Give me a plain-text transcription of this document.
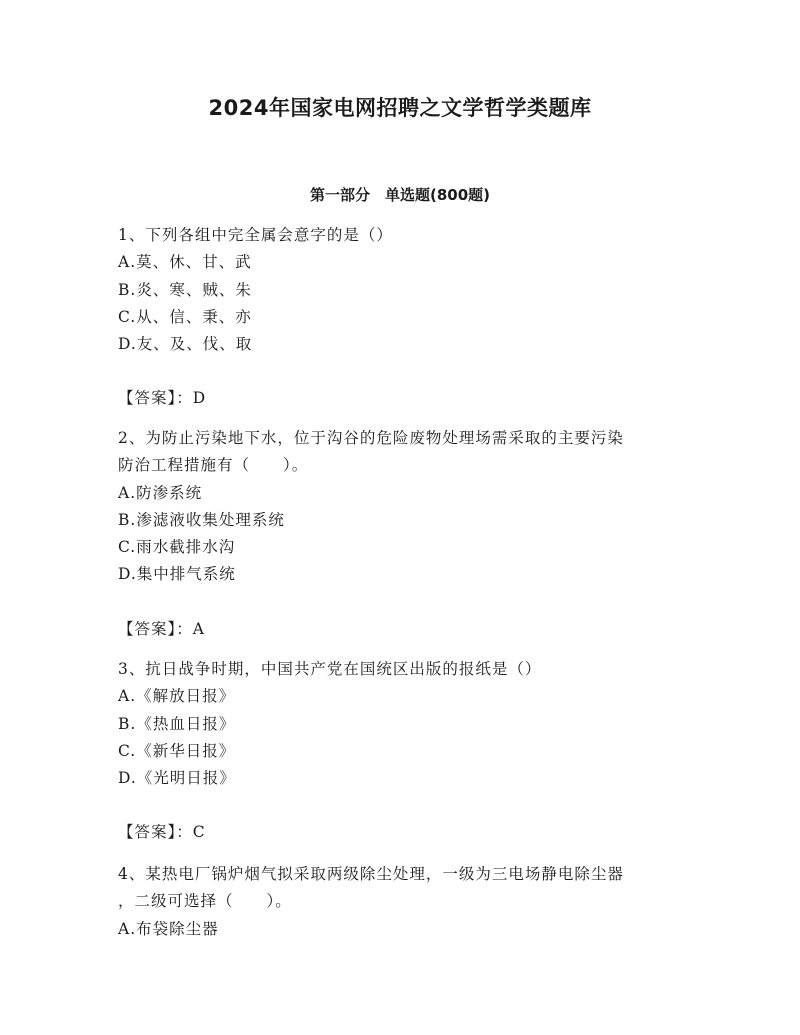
2024年国家电网招聘之文学哲学类题库
第一部分　单选题(800题)
1、下列各组中完全属会意字的是（）
A.莫、休、甘、武
B.炎、寒、贼、朱
C.从、信、秉、亦
D.友、及、伐、取
【答案】：D
2、为防止污染地下水，位于沟谷的危险废物处理场需采取的主要污染
防治工程措施有（　　）。
A.防渗系统
B.渗滤液收集处理系统
C.雨水截排水沟
D.集中排气系统
【答案】：A
3、抗日战争时期，中国共产党在国统区出版的报纸是（）
A.《解放日报》
B.《热血日报》
C.《新华日报》
D.《光明日报》
【答案】：C
4、某热电厂锅炉烟气拟采取两级除尘处理，一级为三电场静电除尘器
，二级可选择（　　）。
A.布袋除尘器
